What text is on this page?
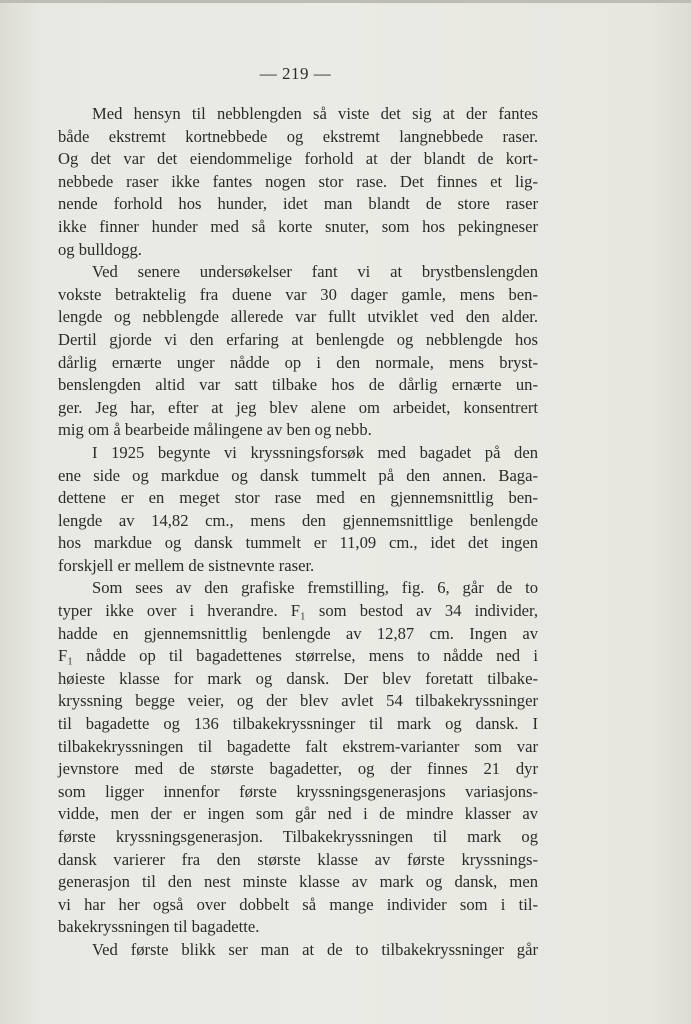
— 219 —

Med hensyn til nebblengden så viste det sig at der fantes
både ekstremt kortnebbede og ekstremt langnebbede raser.
Og det var det eiendommelige forhold at der blandt de kort-
nebbede raser ikke fantes nogen stor rase. Det finnes et lig-
nende forhold hos hunder, idet man blandt de store raser
ikke finner hunder med så korte snuter, som hos pekingneser
og bulldogg.

Ved senere undersøkelser fant vi at brystbenslengden
vokste betraktelig fra duene var 30 dager gamle, mens ben-
lengde og nebblengde allerede var fullt utviklet ved den alder.
Dertil gjorde vi den erfaring at benlengde og nebblengde hos
dårlig ernærte unger nådde op i den normale, mens bryst-
benslengden altid var satt tilbake hos de dårlig ernærte un-
ger. Jeg har, efter at jeg blev alene om arbeidet, konsentrert
mig om å bearbeide målingene av ben og nebb.

I 1925 begynte vi kryssningsforsøk med bagadet på den
ene side og markdue og dansk tummelt på den annen. Baga-
dettene er en meget stor rase med en gjennemsnittlig ben-
lengde av 14,82 cm., mens den gjennemsnittlige benlengde
hos markdue og dansk tummelt er 11,09 cm., idet det ingen
forskjell er mellem de sistnevnte raser.

Som sees av den grafiske fremstilling, fig. 6, går de to
typer ikke over i hverandre. F₁ som bestod av 34 individer,
hadde en gjennemsnittlig benlengde av 12,87 cm. Ingen av
F₁ nådde op til bagadettenes størrelse, mens to nådde ned i
høieste klasse for mark og dansk. Der blev foretatt tilbake-
kryssning begge veier, og der blev avlet 54 tilbakekryssninger
til bagadette og 136 tilbakekryssninger til mark og dansk. I
tilbakekryssningen til bagadette falt ekstrem-varianter som var
jevnstore med de største bagadetter, og der finnes 21 dyr
som ligger innenfor første kryssningsgenerasjons variasjons-
vidde, men der er ingen som går ned i de mindre klasser av
første kryssningsgenerasjon. Tilbakekryssningen til mark og
dansk varierer fra den største klasse av første kryssnings-
generasjon til den nest minste klasse av mark og dansk, men
vi har her også over dobbelt så mange individer som i til-
bakekryssningen til bagadette.

Ved første blikk ser man at de to tilbakekryssninger går
